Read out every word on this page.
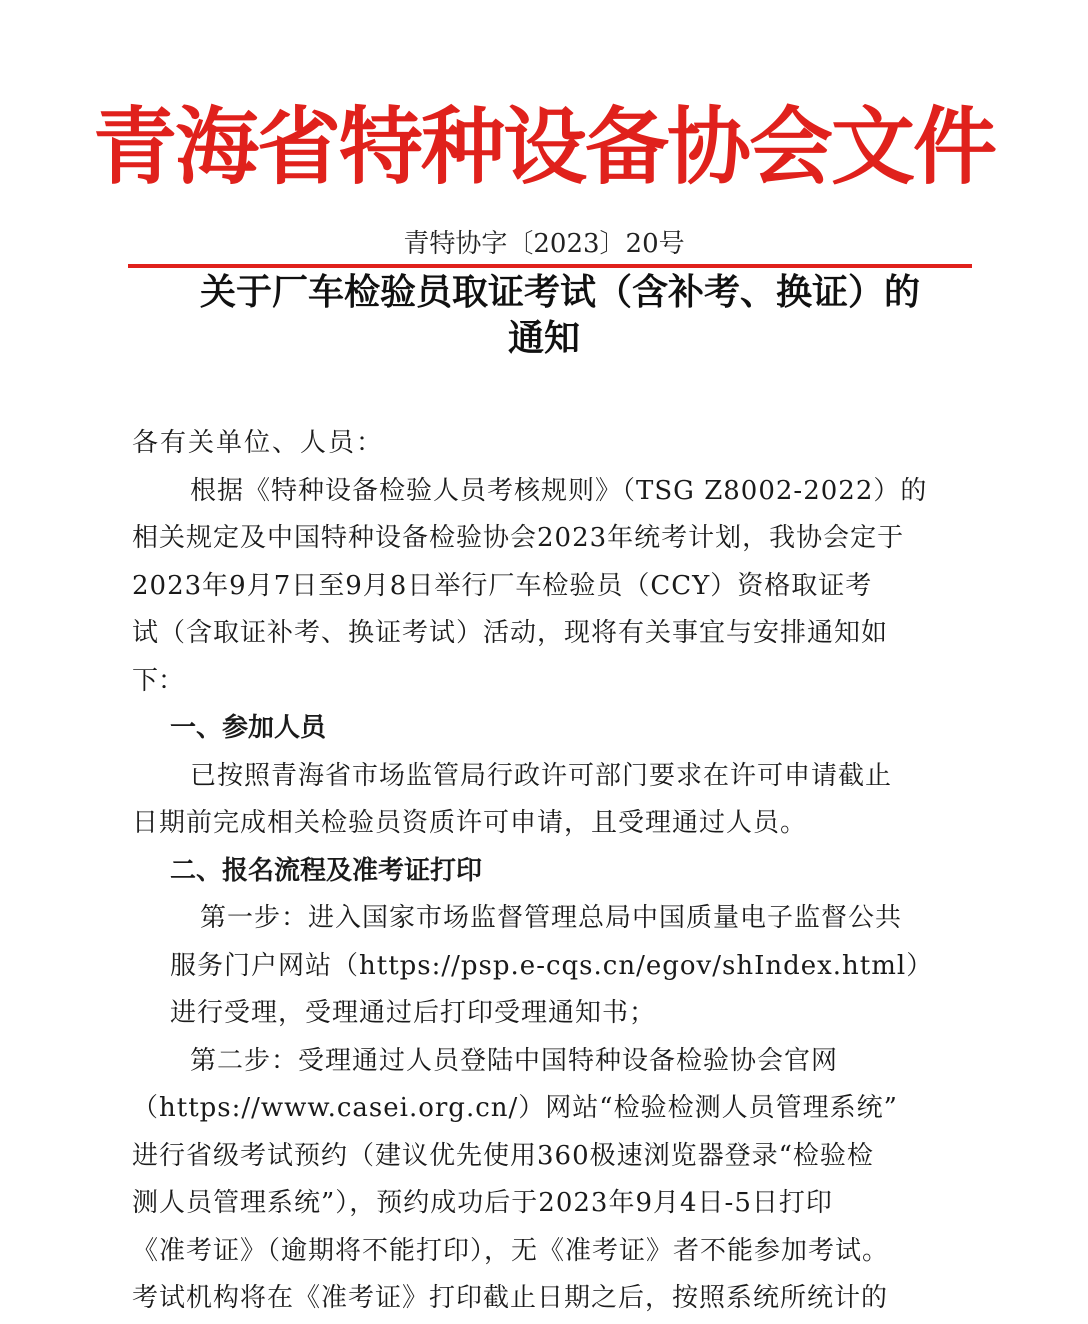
青海省特种设备协会文件
青特协字〔2023〕20号
关于厂车检验员取证考试（含补考、换证）的
通知

各有关单位、人员：

根据《特种设备检验人员考核规则》（TSG Z8002-2022）的

相关规定及中国特种设备检验协会2023年统考计划，我协会定于

2023年9月7日至9月8日举行厂车检验员（CCY）资格取证考

试（含取证补考、换证考试）活动，现将有关事宜与安排通知如

下：

一、参加人员

已按照青海省市场监管局行政许可部门要求在许可申请截止

日期前完成相关检验员资质许可申请，且受理通过人员。

二、报名流程及准考证打印

第一步：进入国家市场监督管理总局中国质量电子监督公共

服务门户网站（https://psp.e-cqs.cn/egov/shIndex.html）

进行受理，受理通过后打印受理通知书；

第二步：受理通过人员登陆中国特种设备检验协会官网

（https://www.casei.org.cn/）网站“检验检测人员管理系统”

进行省级考试预约（建议优先使用360极速浏览器登录“检验检

测人员管理系统”），预约成功后于2023年9月4日-5日打印

《准考证》（逾期将不能打印），无《准考证》者不能参加考试。

考试机构将在《准考证》打印截止日期之后，按照系统所统计的
